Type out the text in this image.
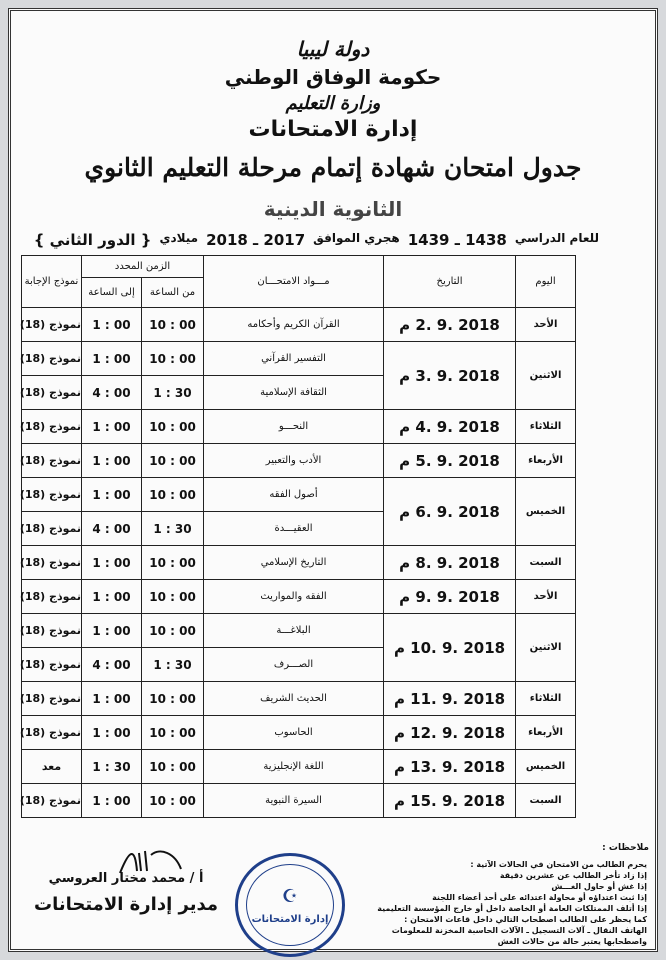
دولة ليبيا
حكومة الوفاق الوطني
وزارة التعليم
إدارة الامتحانات
جدول امتحان شهادة إتمام مرحلة التعليم الثانوي
الثانوية الدينية
للعام الدراسي
1438 ـ 1439
هجري الموافق
2017 ـ 2018
ميلادي
{ الدور الثاني }
اليوم	التاريخ	مـــواد الامتحـــان	الزمن المحدد		نموذج الإجابة
			من الساعة	إلى الساعة	
الأحد	2018 .9 .2 م	القرآن الكريم وأحكامه	10 : 00	1 : 00	نموذج (18)
الاثنين	2018 .9 .3 م	التفسير القرآني	10 : 00	1 : 00	نموذج (18)
		الثقافة الإسلامية	1 : 30	4 : 00	نموذج (18)
الثلاثاء	2018 .9 .4 م	النحـــو	10 : 00	1 : 00	نموذج (18)
الأربعاء	2018 .9 .5 م	الأدب والتعبير	10 : 00	1 : 00	نموذج (18)
الخميس	2018 .9 .6 م	أصول الفقه	10 : 00	1 : 00	نموذج (18)
		العقيـــدة	1 : 30	4 : 00	نموذج (18)
السبت	2018 .9 .8 م	التاريخ الإسلامي	10 : 00	1 : 00	نموذج (18)
الأحد	2018 .9 .9 م	الفقه والمواريث	10 : 00	1 : 00	نموذج (18)
الاثنين	2018 .9 .10 م	البلاغـــة	10 : 00	1 : 00	نموذج (18)
		الصـــرف	1 : 30	4 : 00	نموذج (18)
الثلاثاء	2018 .9 .11 م	الحديث الشريف	10 : 00	1 : 00	نموذج (18)
الأربعاء	2018 .9 .12 م	الحاسوب	10 : 00	1 : 00	نموذج (18)
الخميس	2018 .9 .13 م	اللغة الإنجليزية	10 : 00	1 : 30	معد
السبت	2018 .9 .15 م	السيرة النبوية	10 : 00	1 : 00	نموذج (18)
ملاحظات :
يحرم الطالب من الامتحان في الحالات الآتية :
إذا زاد تأخر الطالب عن عشرين دقيقة
إذا غش أو حاول الغـــش
إذا ثبت اعتداؤه أو محاولة اعتدائه على أحد أعضاء اللجنة
إذا أتلف الممتلكات العامة أو الخاصة داخل أو خارج المؤسسة التعليمية
كما يحظر على الطالب اصطحاب التالي داخل قاعات الامتحان :
الهاتف النقال ـ آلات التسجيل ـ الآلات الحاسبة المخزنة للمعلومات
واصطحابها يعتبر حالة من حالات الغش
☪
إدارة الامتحانات
أ / محمد مختار العروسي
مدير إدارة الامتحانات
